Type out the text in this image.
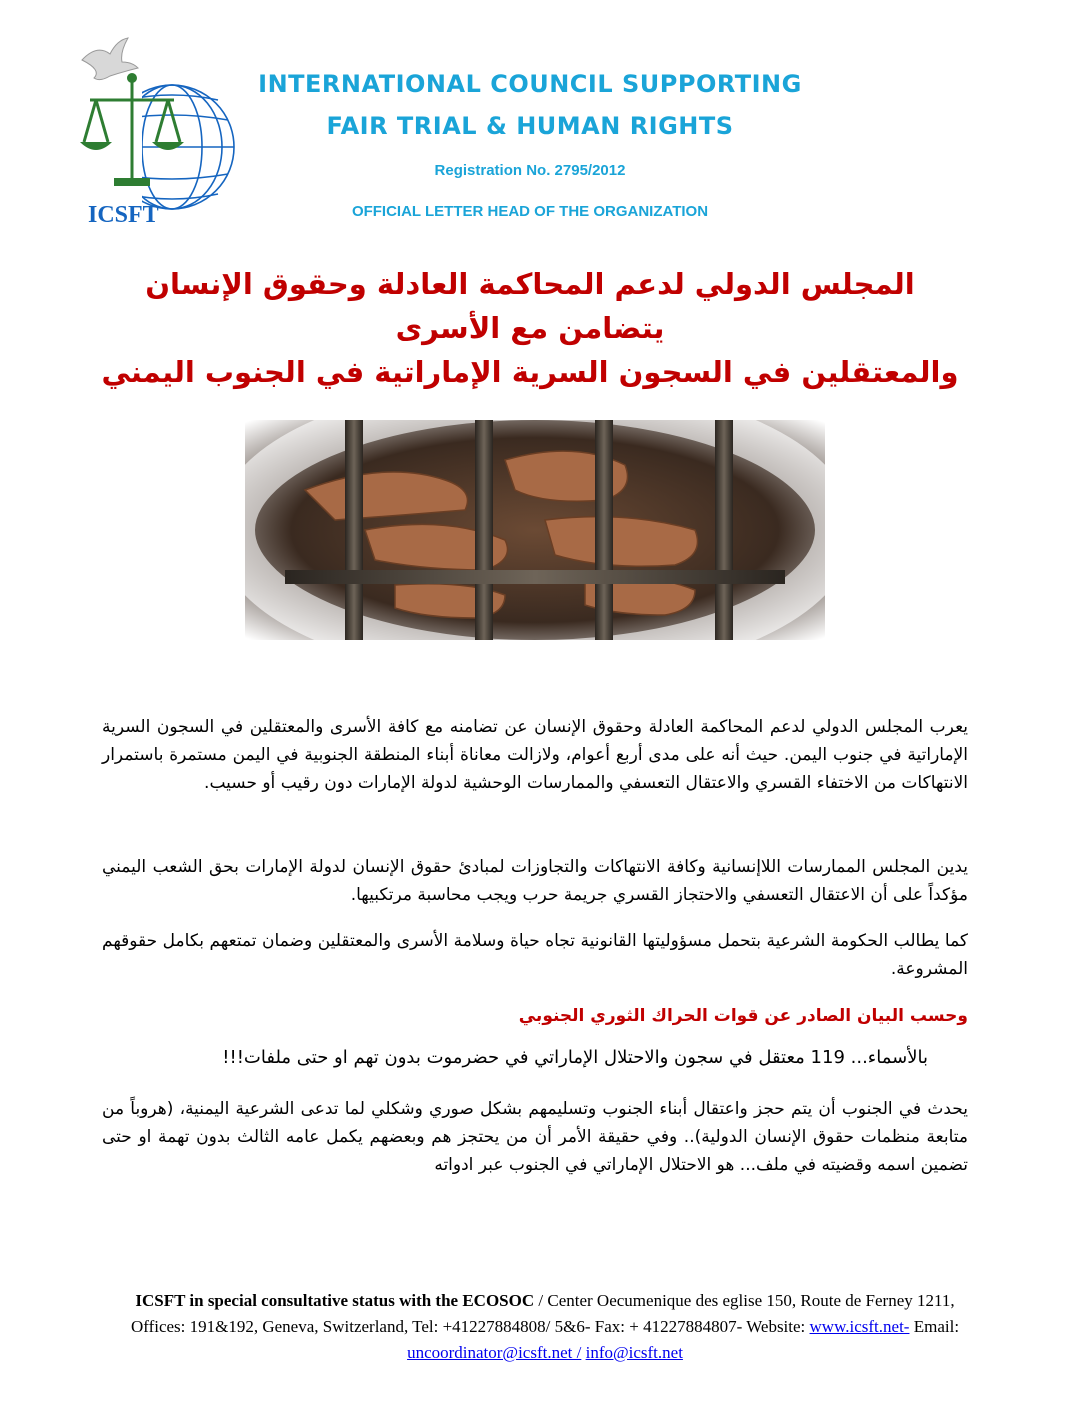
ICSFT
INTERNATIONAL COUNCIL SUPPORTING
FAIR TRIAL & HUMAN RIGHTS
Registration No. 2795/2012
OFFICIAL LETTER HEAD OF THE ORGANIZATION
المجلس الدولي لدعم المحاكمة العادلة وحقوق الإنسان يتضامن مع الأسرى
والمعتقلين في السجون السرية الإماراتية في الجنوب اليمني
يعرب المجلس الدولي لدعم المحاكمة العادلة وحقوق الإنسان عن تضامنه مع كافة الأسرى والمعتقلين في السجون السرية الإماراتية في جنوب اليمن. حيث أنه على مدى أربع أعوام، ولازالت معاناة أبناء المنطقة الجنوبية في اليمن مستمرة باستمرار الانتهاكات من الاختفاء القسري والاعتقال التعسفي والممارسات الوحشية لدولة الإمارات دون رقيب أو حسيب.
يدين المجلس الممارسات اللاإنسانية وكافة الانتهاكات والتجاوزات لمبادئ حقوق الإنسان لدولة الإمارات بحق الشعب اليمني مؤكداً على أن الاعتقال التعسفي والاحتجاز القسري جريمة حرب ويجب محاسبة مرتكبيها.
كما يطالب الحكومة الشرعية بتحمل مسؤوليتها القانونية تجاه حياة وسلامة الأسرى والمعتقلين وضمان تمتعهم بكامل حقوقهم المشروعة.
وحسب البيان الصادر عن قوات الحراك الثوري الجنوبي
بالأسماء... 119 معتقل في سجون والاحتلال الإماراتي في حضرموت بدون تهم او حتى ملفات!!!
يحدث في الجنوب أن يتم حجز واعتقال أبناء الجنوب وتسليمهم بشكل صوري وشكلي لما تدعى الشرعية اليمنية، (هروباً من متابعة منظمات حقوق الإنسان الدولية).. وفي حقيقة الأمر أن من يحتجز هم وبعضهم يكمل عامه الثالث بدون تهمة او حتى تضمين اسمه وقضيته في ملف... هو الاحتلال الإماراتي في الجنوب عبر ادواته
ICSFT in special consultative status with the ECOSOC / Center Oecumenique des eglise 150, Route de Ferney 1211, Offices: 191&192, Geneva, Switzerland, Tel: +41227884808/ 5&6- Fax: + 41227884807- Website: www.icsft.net- Email: uncoordinator@icsft.net / info@icsft.net
